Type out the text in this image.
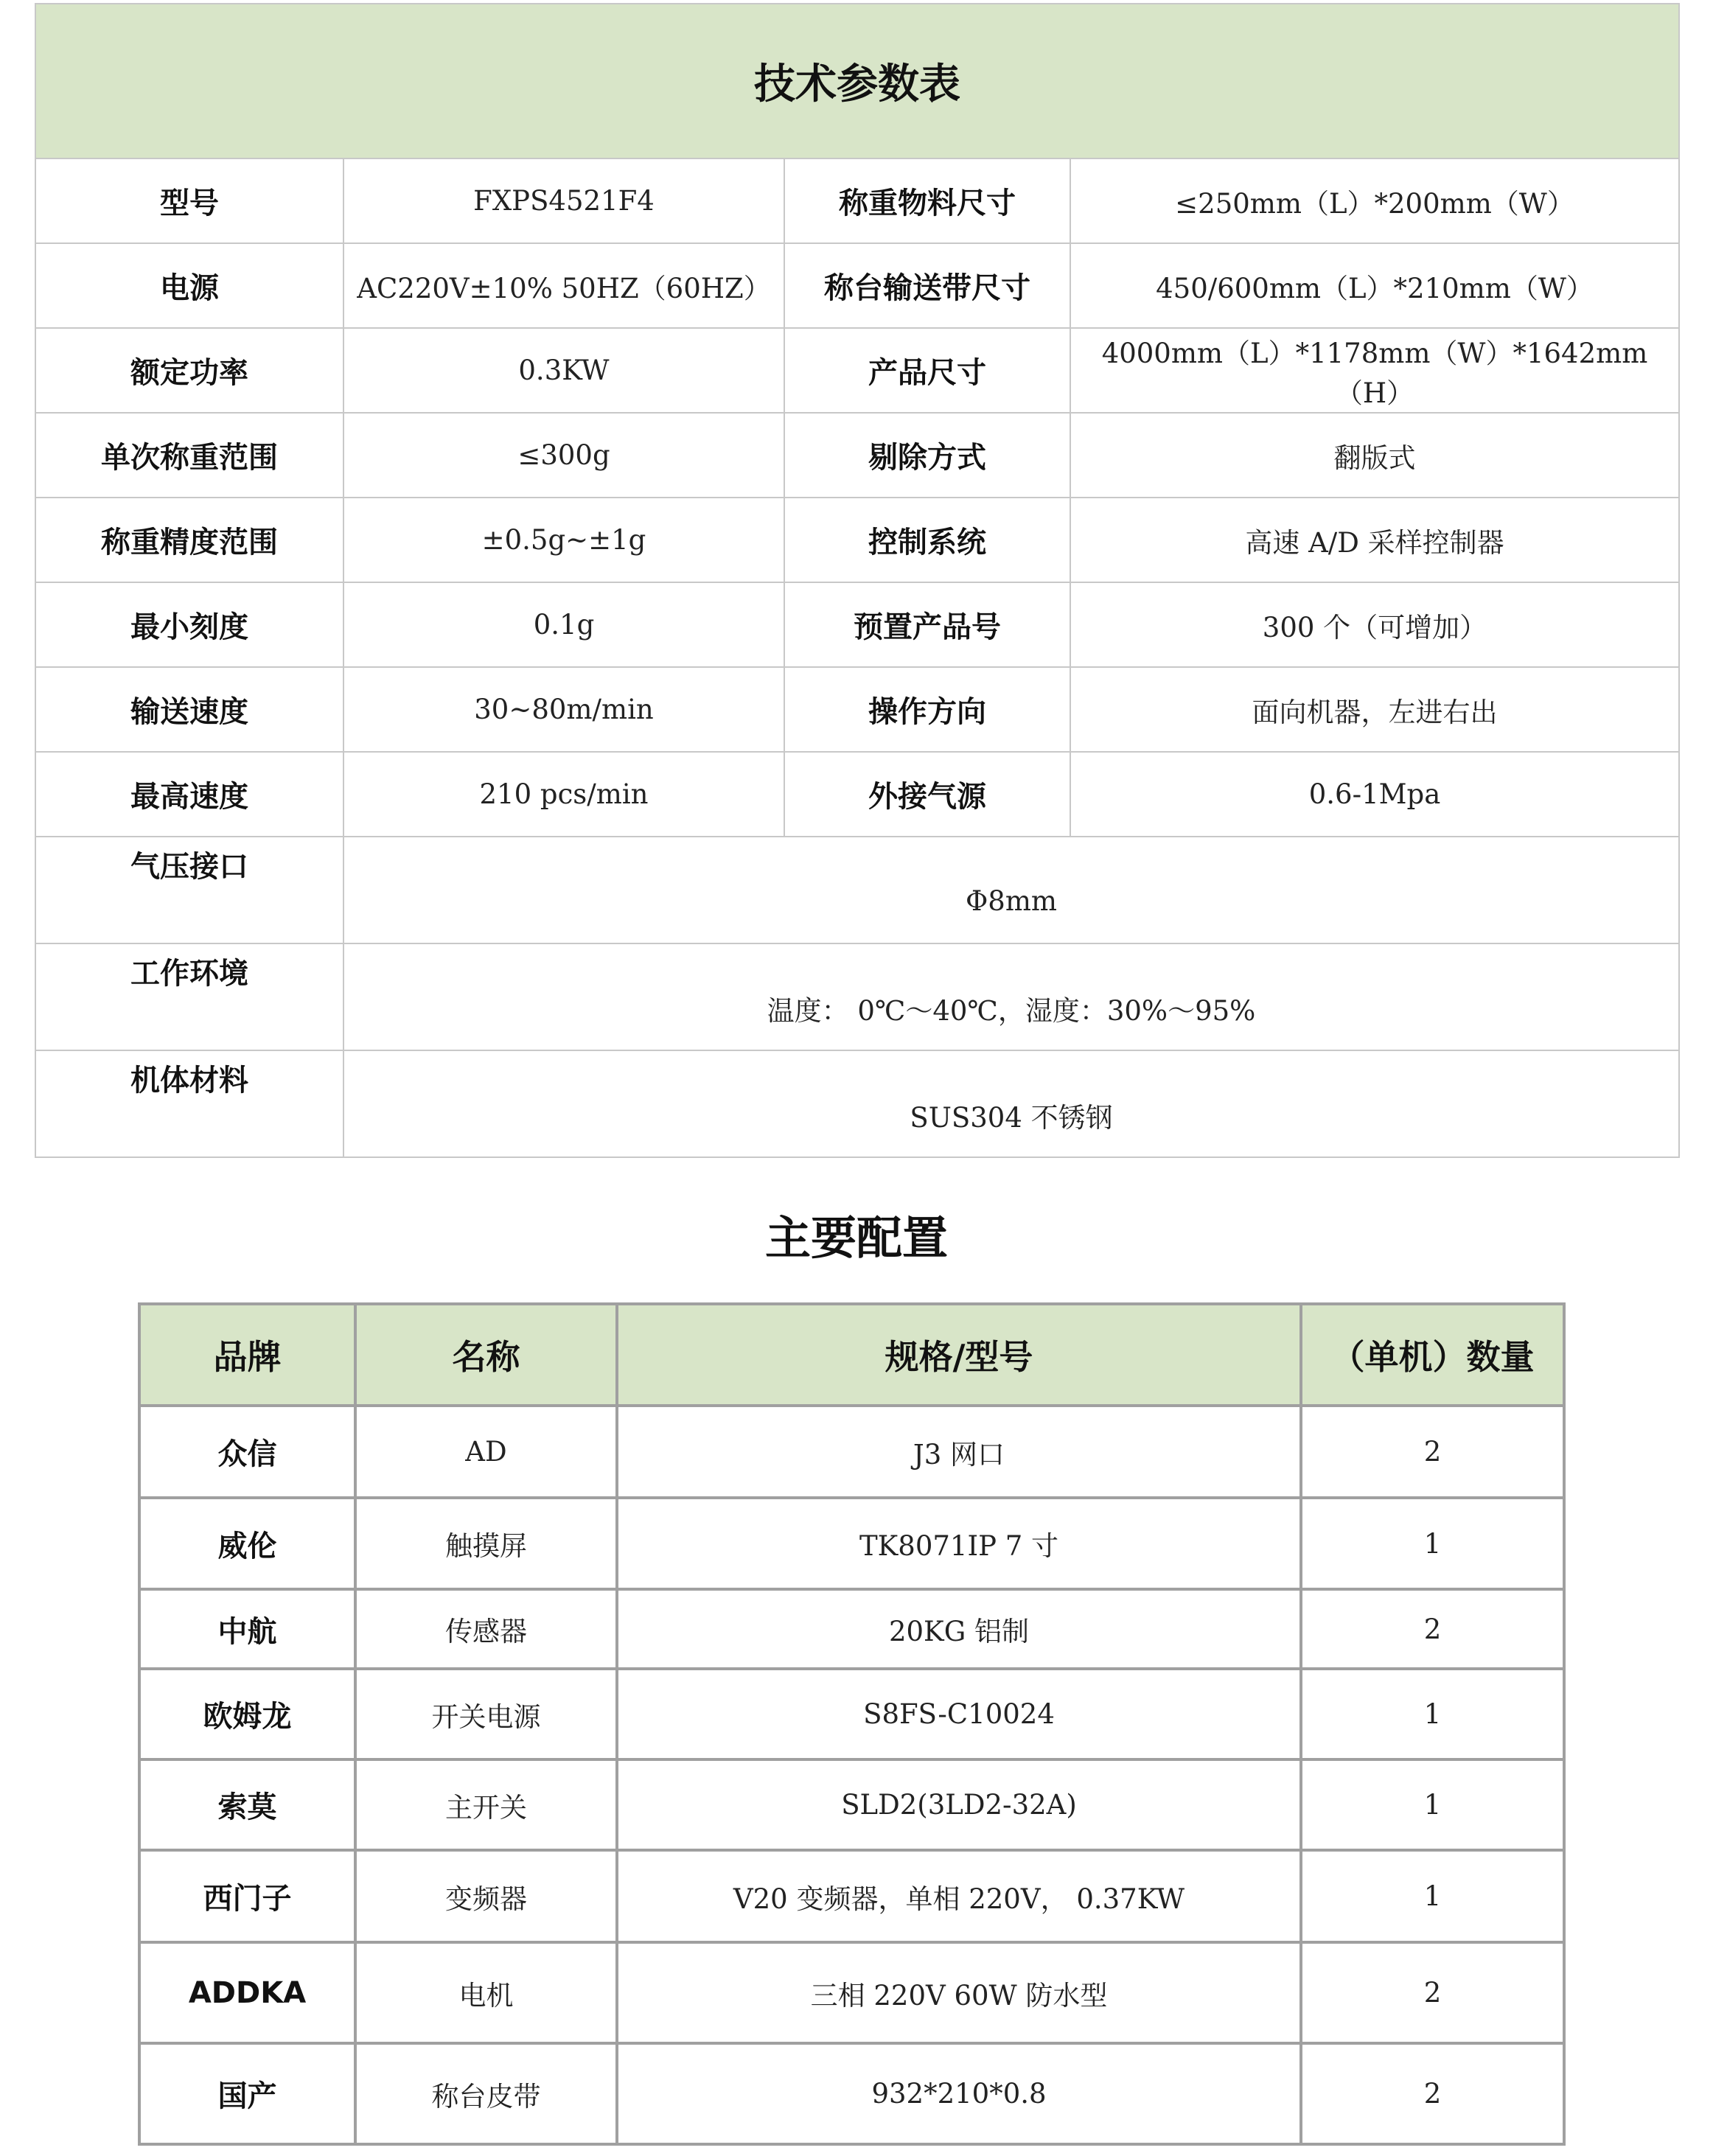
技术参数表			
型号	FXPS4521F4	称重物料尺寸	≤250mm（L）*200mm（W）
电源	AC220V±10% 50HZ（60HZ）	称台输送带尺寸	450/600mm（L）*210mm（W）
额定功率	0.3KW	产品尺寸	4000mm（L）*1178mm（W）*1642mm（H）
单次称重范围	≤300g	剔除方式	翻版式
称重精度范围	±0.5g~±1g	控制系统	高速 A/D 采样控制器
最小刻度	0.1g	预置产品号	300 个（可增加）
输送速度	30~80m/min	操作方向	面向机器，左进右出
最高速度	210 pcs/min	外接气源	0.6-1Mpa
气压接口	Φ8mm		
工作环境	温度： 0℃～40℃，湿度：30%～95%		
机体材料	SUS304 不锈钢		
主要配置
品牌	名称	规格/型号	（单机）数量
众信	AD	J3 网口	2
威伦	触摸屏	TK8071IP 7 寸	1
中航	传感器	20KG 铝制	2
欧姆龙	开关电源	S8FS-C10024	1
索莫	主开关	SLD2(3LD2-32A)	1
西门子	变频器	V20 变频器，单相 220V， 0.37KW	1
ADDKA	电机	三相 220V 60W 防水型	2
国产	称台皮带	932*210*0.8	2
